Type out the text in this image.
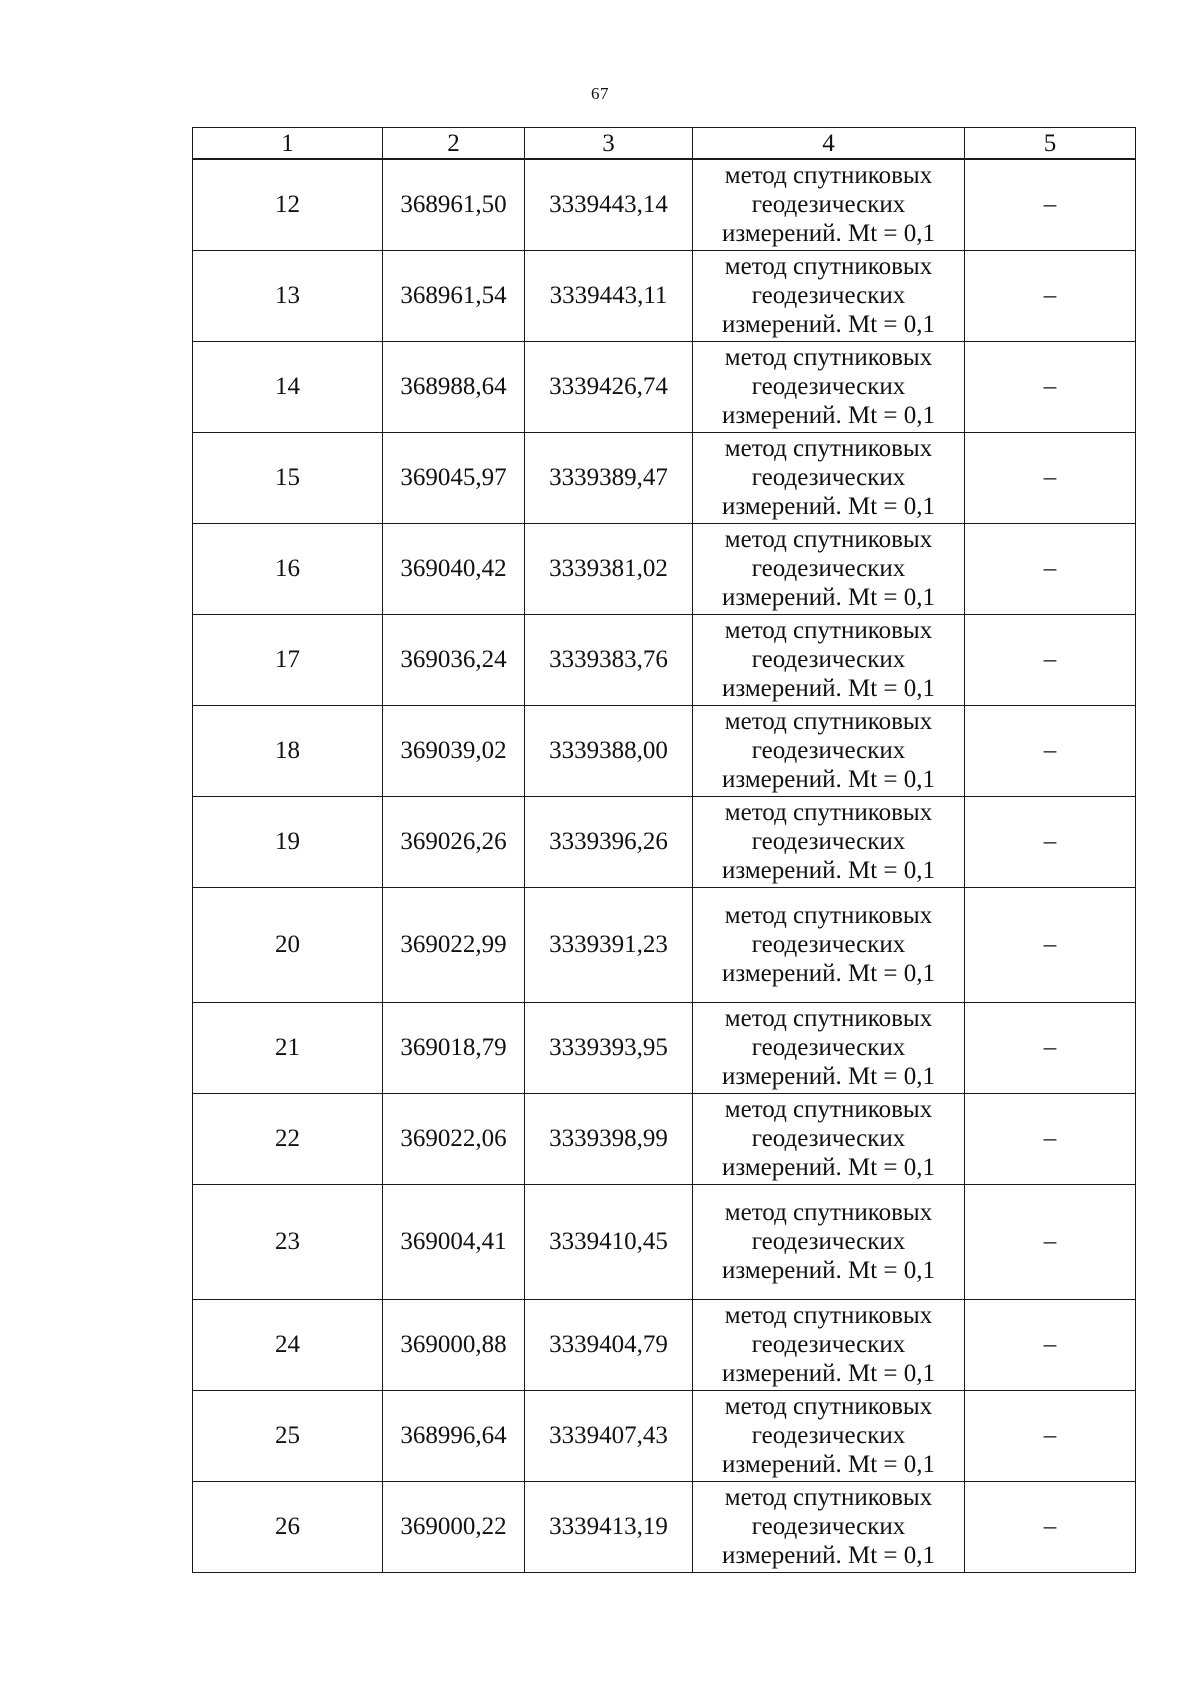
67
1	2	3	4	5
12	368961,50	3339443,14	метод спутниковых
геодезических
измерений. Mt = 0,1	–
13	368961,54	3339443,11	метод спутниковых
геодезических
измерений. Mt = 0,1	–
14	368988,64	3339426,74	метод спутниковых
геодезических
измерений. Mt = 0,1	–
15	369045,97	3339389,47	метод спутниковых
геодезических
измерений. Mt = 0,1	–
16	369040,42	3339381,02	метод спутниковых
геодезических
измерений. Mt = 0,1	–
17	369036,24	3339383,76	метод спутниковых
геодезических
измерений. Mt = 0,1	–
18	369039,02	3339388,00	метод спутниковых
геодезических
измерений. Mt = 0,1	–
19	369026,26	3339396,26	метод спутниковых
геодезических
измерений. Mt = 0,1	–
20	369022,99	3339391,23	метод спутниковых
геодезических
измерений. Mt = 0,1	–
21	369018,79	3339393,95	метод спутниковых
геодезических
измерений. Mt = 0,1	–
22	369022,06	3339398,99	метод спутниковых
геодезических
измерений. Mt = 0,1	–
23	369004,41	3339410,45	метод спутниковых
геодезических
измерений. Mt = 0,1	–
24	369000,88	3339404,79	метод спутниковых
геодезических
измерений. Mt = 0,1	–
25	368996,64	3339407,43	метод спутниковых
геодезических
измерений. Mt = 0,1	–
26	369000,22	3339413,19	метод спутниковых
геодезических
измерений. Mt = 0,1	–
